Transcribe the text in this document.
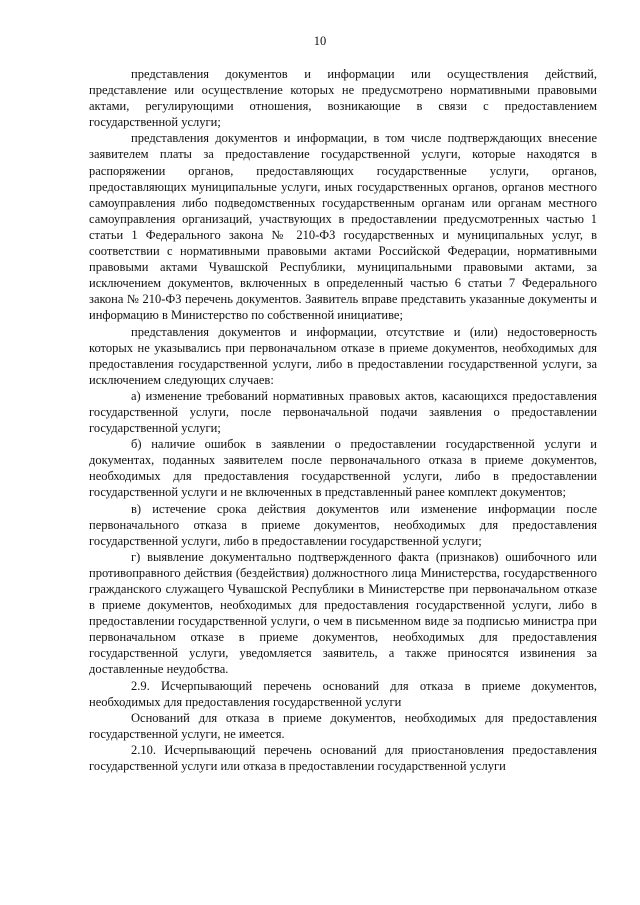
10

представления документов и информации или осуществления действий, представление или осуществление которых не предусмотрено нормативными правовыми актами, регулирующими отношения, возникающие в связи с предоставлением государственной услуги;

представления документов и информации, в том числе подтверждающих внесение заявителем платы за предоставление государственной услуги, которые находятся в распоряжении органов, предоставляющих государственные услуги, органов, предоставляющих муниципальные услуги, иных государственных органов, органов местного самоуправления либо подведомственных государственным органам или органам местного самоуправления организаций, участвующих в предоставлении предусмотренных частью 1 статьи 1 Федерального закона № 210-ФЗ государственных и муниципальных услуг, в соответствии с нормативными правовыми актами Российской Федерации, нормативными правовыми актами Чувашской Республики, муниципальными правовыми актами, за исключением документов, включенных в определенный частью 6 статьи 7 Федерального закона № 210-ФЗ перечень документов. Заявитель вправе представить указанные документы и информацию в Министерство по собственной инициативе;

представления документов и информации, отсутствие и (или) недостоверность которых не указывались при первоначальном отказе в приеме документов, необходимых для предоставления государственной услуги, либо в предоставлении государственной услуги, за исключением следующих случаев:

а) изменение требований нормативных правовых актов, касающихся предоставления государственной услуги, после первоначальной подачи заявления о предоставлении государственной услуги;

б) наличие ошибок в заявлении о предоставлении государственной услуги и документах, поданных заявителем после первоначального отказа в приеме документов, необходимых для предоставления государственной услуги, либо в предоставлении государственной услуги и не включенных в представленный ранее комплект документов;

в) истечение срока действия документов или изменение информации после первоначального отказа в приеме документов, необходимых для предоставления государственной услуги, либо в предоставлении государственной услуги;

г) выявление документально подтвержденного факта (признаков) ошибочного или противоправного действия (бездействия) должностного лица Министерства, государственного гражданского служащего Чувашской Республики в Министерстве при первоначальном отказе в приеме документов, необходимых для предоставления государственной услуги, либо в предоставлении государственной услуги, о чем в письменном виде за подписью министра при первоначальном отказе в приеме документов, необходимых для предоставления государственной услуги, уведомляется заявитель, а также приносятся извинения за доставленные неудобства.

2.9. Исчерпывающий перечень оснований для отказа в приеме документов, необходимых для предоставления государственной услуги

Оснований для отказа в приеме документов, необходимых для предоставления государственной услуги, не имеется.

2.10. Исчерпывающий перечень оснований для приостановления предоставления государственной услуги или отказа в предоставлении государственной услуги
